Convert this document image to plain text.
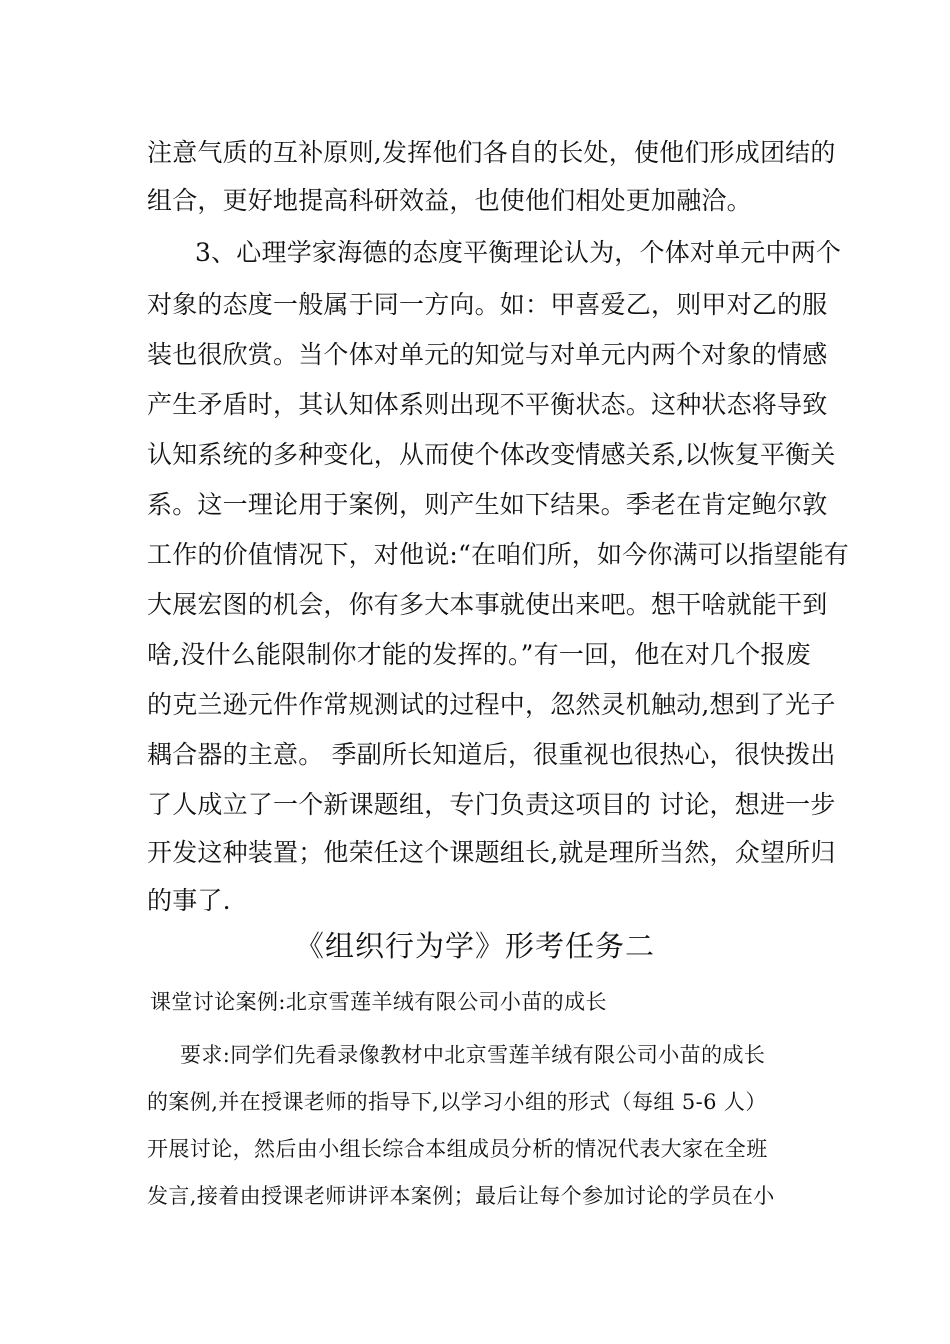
注意气质的互补原则,发挥他们各自的长处，使他们形成团结的
组合，更好地提高科研效益，也使他们相处更加融洽。
3、心理学家海德的态度平衡理论认为，个体对单元中两个
对象的态度一般属于同一方向。如：甲喜爱乙，则甲对乙的服
装也很欣赏。当个体对单元的知觉与对单元内两个对象的情感
产生矛盾时，其认知体系则出现不平衡状态。这种状态将导致
认知系统的多种变化，从而使个体改变情感关系,以恢复平衡关
系。这一理论用于案例，则产生如下结果。季老在肯定鲍尔敦
工作的价值情况下，对他说:“在咱们所，如今你满可以指望能有
大展宏图的机会，你有多大本事就使出来吧。想干啥就能干到
啥,没什么能限制你才能的发挥的。”有一回，他在对几个报废
的克兰逊元件作常规测试的过程中，忽然灵机触动,想到了光子
耦合器的主意。 季副所长知道后，很重视也很热心，很快拨出
了人成立了一个新课题组，专门负责这项目的 讨论，想进一步
开发这种装置；他荣任这个课题组长,就是理所当然，众望所归
的事了.
《组织行为学》形考任务二
课堂讨论案例:北京雪莲羊绒有限公司小苗的成长
要求:同学们先看录像教材中北京雪莲羊绒有限公司小苗的成长
的案例,并在授课老师的指导下,以学习小组的形式（每组 5-6 人）
开展讨论，然后由小组长综合本组成员分析的情况代表大家在全班
发言,接着由授课老师讲评本案例；最后让每个参加讨论的学员在小
